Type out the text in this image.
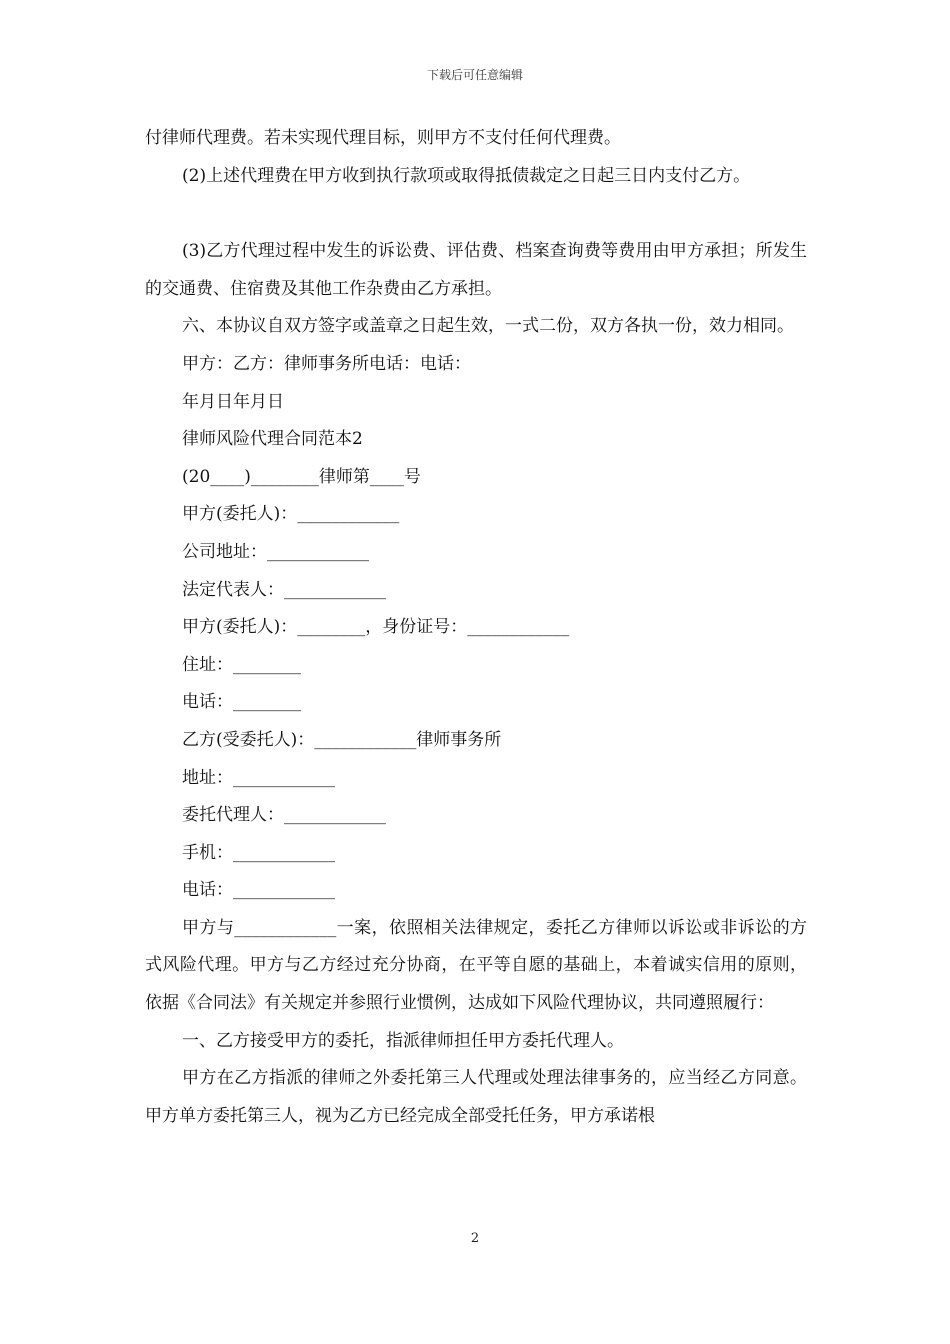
下载后可任意编辑

付律师代理费。若未实现代理目标，则甲方不支付任何代理费。

(2)上述代理费在甲方收到执行款项或取得抵债裁定之日起三日内支付乙方。

(3)乙方代理过程中发生的诉讼费、评估费、档案查询费等费用由甲方承担；所发生的交通费、住宿费及其他工作杂费由乙方承担。

六、本协议自双方签字或盖章之日起生效，一式二份，双方各执一份，效力相同。

甲方：乙方：律师事务所电话：电话：

年月日年月日

律师风险代理合同范本2

(20____)________律师第____号

甲方(委托人)：____________

公司地址：____________

法定代表人：____________

甲方(委托人)：________，身份证号：____________

住址：________

电话：________

乙方(受委托人)：____________律师事务所

地址：____________

委托代理人：____________

手机：____________

电话：____________

甲方与____________一案，依照相关法律规定，委托乙方律师以诉讼或非诉讼的方式风险代理。甲方与乙方经过充分协商，在平等自愿的基础上，本着诚实信用的原则，依据《合同法》有关规定并参照行业惯例，达成如下风险代理协议，共同遵照履行：

一、乙方接受甲方的委托，指派律师担任甲方委托代理人。

甲方在乙方指派的律师之外委托第三人代理或处理法律事务的，应当经乙方同意。甲方单方委托第三人，视为乙方已经完成全部受托任务，甲方承诺根

2
